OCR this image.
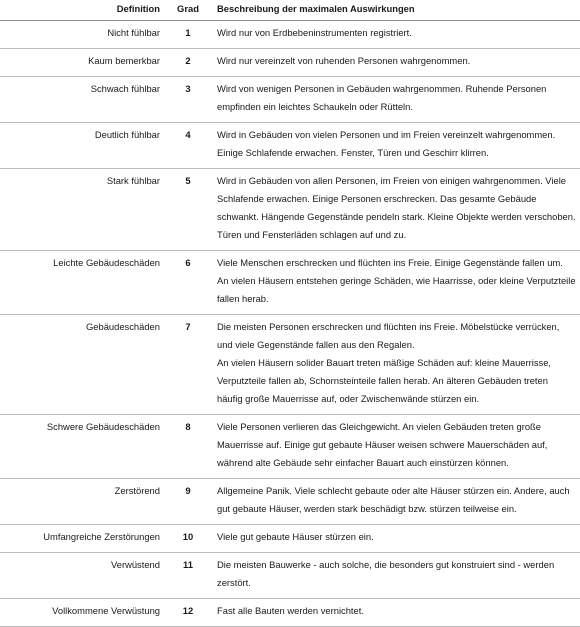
Definition	Grad	Beschreibung der maximalen Auswirkungen
Nicht fühlbar	1	Wird nur von Erdbebeninstrumenten registriert.

Kaum bemerkbar	2	Wird nur vereinzelt von ruhenden Personen wahrgenommen.

Schwach fühlbar	3	Wird von wenigen Personen in Gebäuden wahrgenommen. Ruhende Personen empfinden ein leichtes Schaukeln oder Rütteln.

Deutlich fühlbar	4	Wird in Gebäuden von vielen Personen und im Freien vereinzelt wahrgenommen. Einige Schlafende erwachen. Fenster, Türen und Geschirr klirren.

Stark fühlbar	5	Wird in Gebäuden von allen Personen, im Freien von einigen wahrgenommen. Viele Schlafende erwachen. Einige Personen erschrecken. Das gesamte Gebäude schwankt. Hängende Gegenstände pendeln stark. Kleine Objekte werden verschoben. Türen und Fensterläden schlagen auf und zu.

Leichte Gebäudeschäden	6	Viele Menschen erschrecken und flüchten ins Freie. Einige Gegenstände fallen um. An vielen Häusern entstehen geringe Schäden, wie Haarrisse, oder kleine Verputzteile fallen herab.

Gebäudeschäden	7	Die meisten Personen erschrecken und flüchten ins Freie. Möbelstücke verrücken, und viele Gegenstände fallen aus den Regalen.
An vielen Häusern solider Bauart treten mäßige Schäden auf: kleine Mauerrisse, Verputzteile fallen ab, Schornsteinteile fallen herab. An älteren Gebäuden treten häufig große Mauerrisse auf, oder Zwischenwände stürzen ein.

Schwere Gebäudeschäden	8	Viele Personen verlieren das Gleichgewicht. An vielen Gebäuden treten große Mauerrisse auf. Einige gut gebaute Häuser weisen schwere Mauerschäden auf, während alte Gebäude sehr einfacher Bauart auch einstürzen können.

Zerstörend	9	Allgemeine Panik. Viele schlecht gebaute oder alte Häuser stürzen ein. Andere, auch gut gebaute Häuser, werden stark beschädigt bzw. stürzen teilweise ein.

Umfangreiche Zerstörungen	10	Viele gut gebaute Häuser stürzen ein.

Verwüstend	11	Die meisten Bauwerke - auch solche, die besonders gut konstruiert sind - werden zerstört.

Vollkommene Verwüstung	12	Fast alle Bauten werden vernichtet.
